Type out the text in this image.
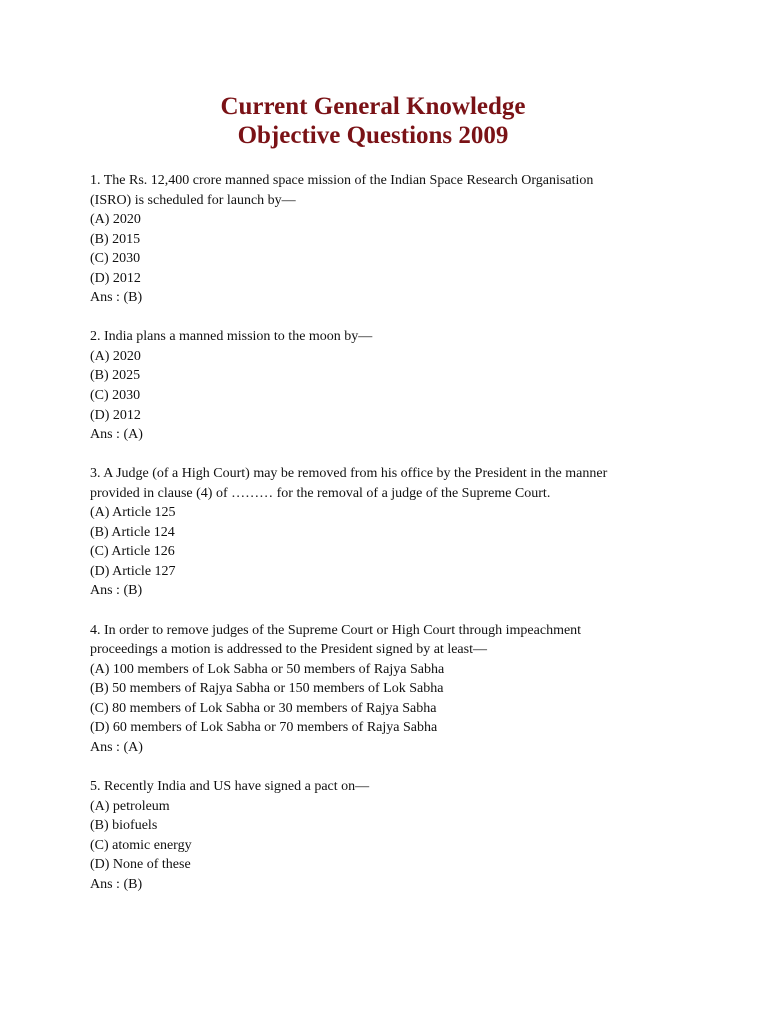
Current General Knowledge
Objective Questions 2009
1. The Rs. 12,400 crore manned space mission of the Indian Space Research Organisation
(ISRO) is scheduled for launch by—
(A) 2020
(B) 2015
(C) 2030
(D) 2012
Ans : (B)
2. India plans a manned mission to the moon by—
(A) 2020
(B) 2025
(C) 2030
(D) 2012
Ans : (A)
3. A Judge (of a High Court) may be removed from his office by the President in the manner
provided in clause (4) of ……… for the removal of a judge of the Supreme Court.
(A) Article 125
(B) Article 124
(C) Article 126
(D) Article 127
Ans : (B)
4. In order to remove judges of the Supreme Court or High Court through impeachment
proceedings a motion is addressed to the President signed by at least—
(A) 100 members of Lok Sabha or 50 members of Rajya Sabha
(B) 50 members of Rajya Sabha or 150 members of Lok Sabha
(C) 80 members of Lok Sabha or 30 members of Rajya Sabha
(D) 60 members of Lok Sabha or 70 members of Rajya Sabha
Ans : (A)
5. Recently India and US have signed a pact on—
(A) petroleum
(B) biofuels
(C) atomic energy
(D) None of these
Ans : (B)
